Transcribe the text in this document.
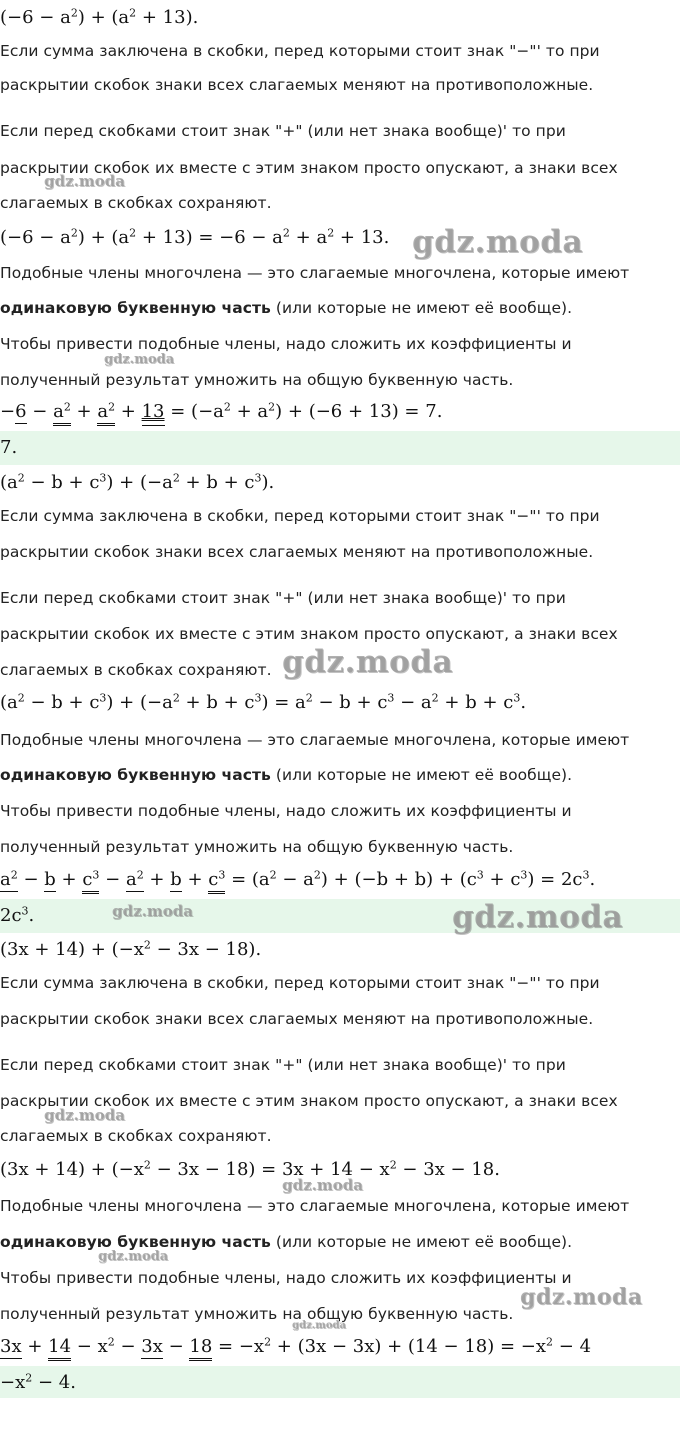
$(-6 - a^2) + (a^2 + 13)$.
Если сумма заключена в скобки, перед которыми стоит знак "−"' то при
раскрытии скобок знаки всех слагаемых меняют на противоположные.
Если перед скобками стоит знак "+" (или нет знака вообще)' то при
раскрытии скобок их вместе с этим знаком просто опускают, а знаки всех
слагаемых в скобках сохраняют.
$(-6 - a^2) + (a^2 + 13) = -6 - a^2 + a^2 + 13$.
Подобные члены многочлена — это слагаемые многочлена, которые имеют
одинаковую буквенную часть (или которые не имеют её вообще).
Чтобы привести подобные члены, надо сложить их коэффициенты и
полученный результат умножить на общую буквенную часть.
$-6 - a^2 + a^2 + 13 = (-a^2 + a^2) + (-6 + 13) = 7$.
7.
$(a^2 - b + c^3) + (-a^2 + b + c^3)$.
Если сумма заключена в скобки, перед которыми стоит знак "−"' то при
раскрытии скобок знаки всех слагаемых меняют на противоположные.
Если перед скобками стоит знак "+" (или нет знака вообще)' то при
раскрытии скобок их вместе с этим знаком просто опускают, а знаки всех
слагаемых в скобках сохраняют.
$(a^2 - b + c^3) + (-a^2 + b + c^3) = a^2 - b + c^3 - a^2 + b + c^3$.
Подобные члены многочлена — это слагаемые многочлена, которые имеют
одинаковую буквенную часть (или которые не имеют её вообще).
Чтобы привести подобные члены, надо сложить их коэффициенты и
полученный результат умножить на общую буквенную часть.
$a^2 - b + c^3 - a^2 + b + c^3 = (a^2 - a^2) + (-b + b) + (c^3 + c^3) = 2c^3$.
$2c^3$.
$(3x + 14) + (-x^2 - 3x - 18)$.
Если сумма заключена в скобки, перед которыми стоит знак "−"' то при
раскрытии скобок знаки всех слагаемых меняют на противоположные.
Если перед скобками стоит знак "+" (или нет знака вообще)' то при
раскрытии скобок их вместе с этим знаком просто опускают, а знаки всех
слагаемых в скобках сохраняют.
$(3x + 14) + (-x^2 - 3x - 18) = 3x + 14 - x^2 - 3x - 18$.
Подобные члены многочлена — это слагаемые многочлена, которые имеют
одинаковую буквенную часть (или которые не имеют её вообще).
Чтобы привести подобные члены, надо сложить их коэффициенты и
полученный результат умножить на общую буквенную часть.
$3x + 14 - x^2 - 3x - 18 = -x^2 + (3x - 3x) + (14 - 18) = -x^2 - 4$
$-x^2 - 4$.
gdz.moda
gdz.moda
gdz.moda
gdz.moda
gdz.moda	gdz.moda
gdz.moda
gdz.moda
gdz.moda
gdz.moda
gdz.moda
